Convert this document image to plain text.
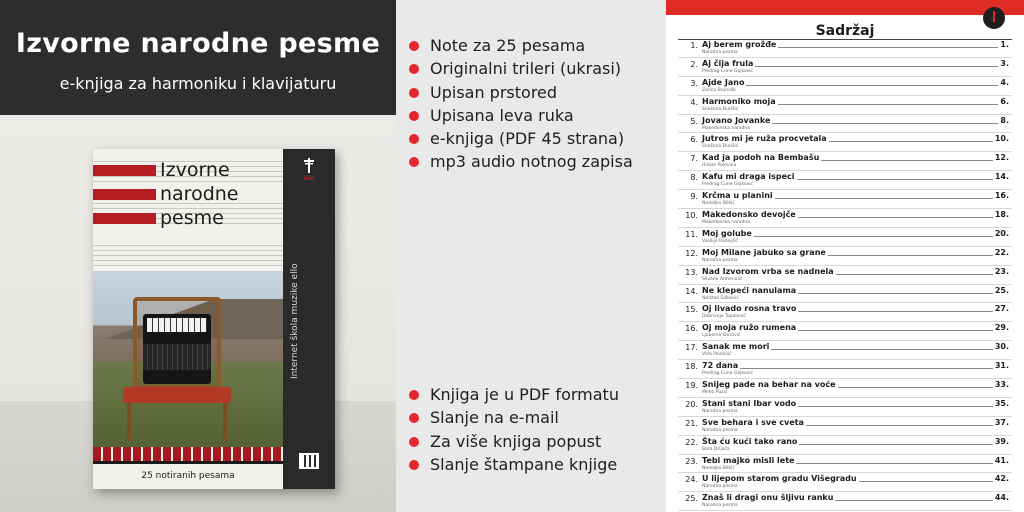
Izvorne narodne pesme
e-knjiga za harmoniku i klavijaturu
Izvorne
narodne
pesme
25 notiranih pesama
ello
Internet škola muzike ello
Note za 25 pesama
Originalni trileri (ukrasi)
Upisan prstored
Upisana leva ruka
e-knjiga (PDF 45 strana)
mp3 audio notnog zapisa
Knjiga je u PDF formatu
Slanje na e-mail
Za više knjiga popust
Slanje štampane knjige
Sadržaj
1. Aj berem grožđe
Narodna pesma
1.
2. Aj čija frula
Predrag Cune Gojković
3.
3. Ajde Jano
Zorica Brunclik
4.
4. Harmoniko moja
Snežana Đurišić
6.
5. Jovano Jovanke
Makedonska narodna
8.
6. Jutros mi je ruža procvetala
Snežana Đurišić
10.
7. Kad ja podoh na Bembašu
Himzo Polovina
12.
8. Kafu mi draga ispeci
Predrag Cune Gojković
14.
9. Krčma u planini
Nedeljko Bilkić
16.
10. Makedonsko devojče
Makedonska narodna
18.
11. Moj golube
Vasilija Radojčić
20.
12. Moj Milane jabuko sa grane
Narodna pesma
22.
13. Nad Izvorom vrba se nadnela
Silvana Armenulić
23.
14. Ne klepeći nanulama
Nedžad Salković
25.
15. Oj livado rosna travo
Dobrivoje Topalović
27.
16. Oj moja ružo rumena
Ljubomir Đurović
29.
17. Sanak me mori
Vida Pavlović
30.
18. 72 dana
Predrag Cune Gojković
31.
19. Snijeg pade na behar na voće
Meho Puzić
33.
20. Stani stani Ibar vodo
Narodna pesma
35.
21. Sve behara i sve cveta
Narodna pesma
37.
22. Šta ću kući tako rano
Bora Drljača
39.
23. Tebi majko misli lete
Nedeljko Bilkić
41.
24. U lijepom starom gradu Višegradu
Narodna pesma
42.
25. Znaš li dragi onu šljivu ranku
Narodna pesma
44.
